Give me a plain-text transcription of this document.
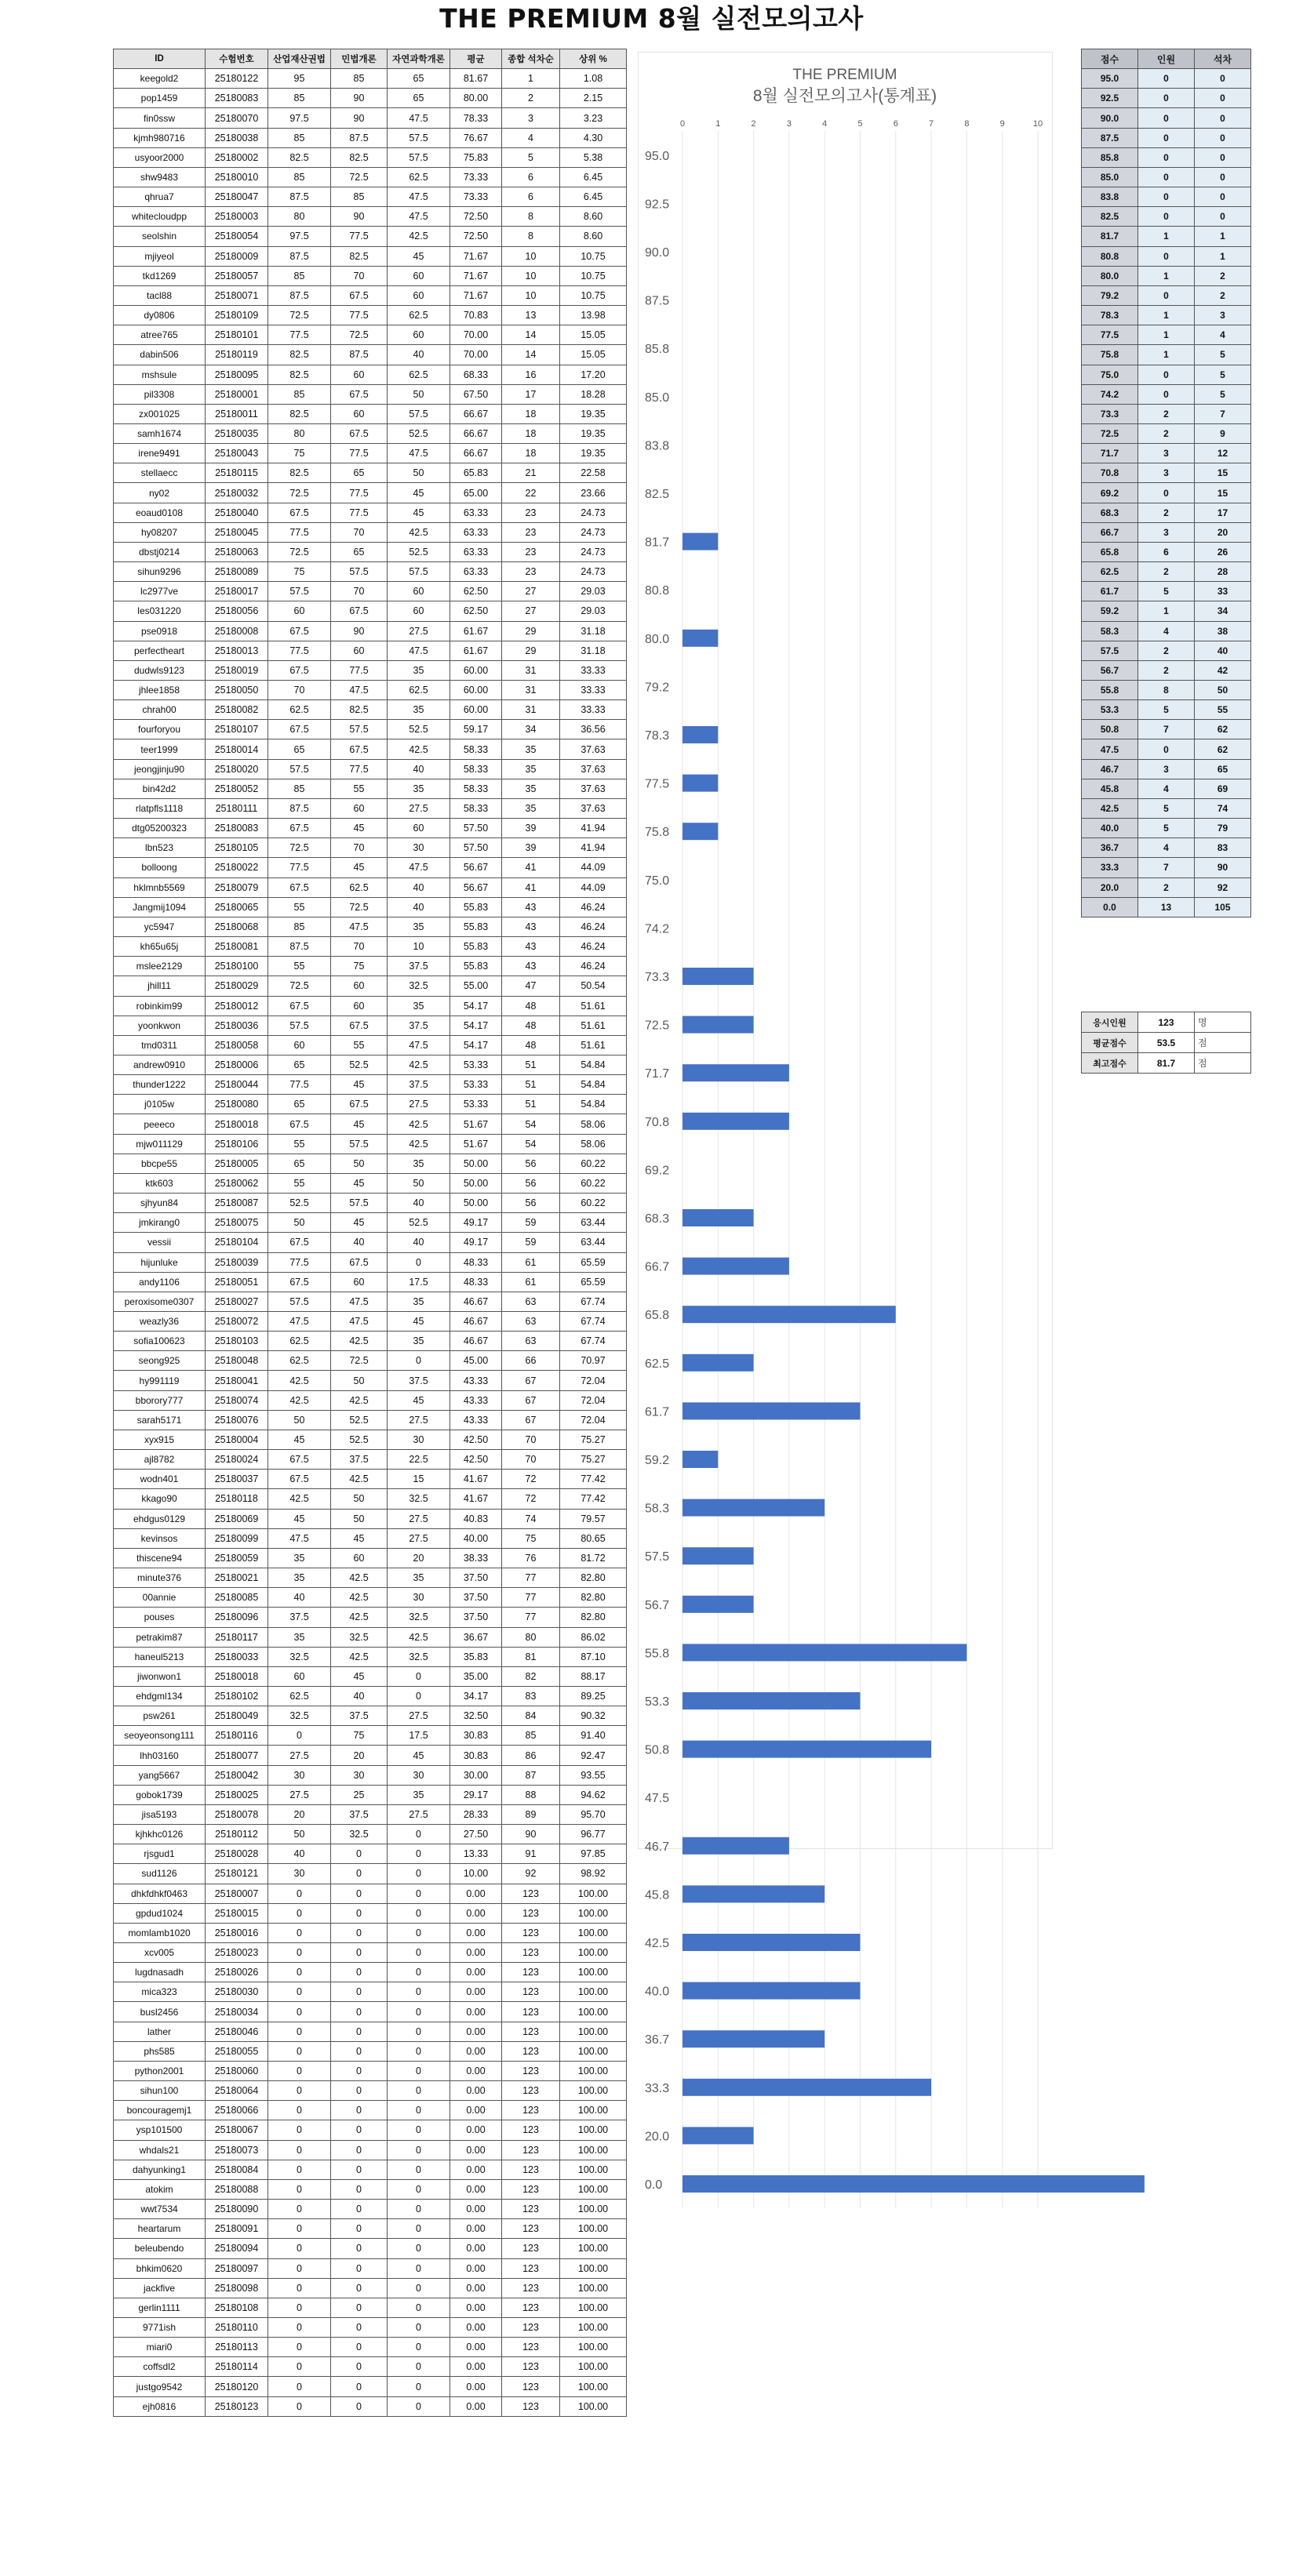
THE PREMIUM 8월 실전모의고사
ID	수험번호	산업재산권법	민법개론	자연과학개론	평균	종합 석차순	상위 %
keegold2	25180122	95	85	65	81.67	1	1.08
pop1459	25180083	85	90	65	80.00	2	2.15
fin0ssw	25180070	97.5	90	47.5	78.33	3	3.23
kjmh980716	25180038	85	87.5	57.5	76.67	4	4.30
usyoor2000	25180002	82.5	82.5	57.5	75.83	5	5.38
shw9483	25180010	85	72.5	62.5	73.33	6	6.45
qhrua7	25180047	87.5	85	47.5	73.33	6	6.45
whitecloudpp	25180003	80	90	47.5	72.50	8	8.60
seolshin	25180054	97.5	77.5	42.5	72.50	8	8.60
mjiyeol	25180009	87.5	82.5	45	71.67	10	10.75
tkd1269	25180057	85	70	60	71.67	10	10.75
tacl88	25180071	87.5	67.5	60	71.67	10	10.75
dy0806	25180109	72.5	77.5	62.5	70.83	13	13.98
atree765	25180101	77.5	72.5	60	70.00	14	15.05
dabin506	25180119	82.5	87.5	40	70.00	14	15.05
mshsule	25180095	82.5	60	62.5	68.33	16	17.20
pil3308	25180001	85	67.5	50	67.50	17	18.28
zx001025	25180011	82.5	60	57.5	66.67	18	19.35
samh1674	25180035	80	67.5	52.5	66.67	18	19.35
irene9491	25180043	75	77.5	47.5	66.67	18	19.35
stellaecc	25180115	82.5	65	50	65.83	21	22.58
ny02	25180032	72.5	77.5	45	65.00	22	23.66
eoaud0108	25180040	67.5	77.5	45	63.33	23	24.73
hy08207	25180045	77.5	70	42.5	63.33	23	24.73
dbstj0214	25180063	72.5	65	52.5	63.33	23	24.73
sihun9296	25180089	75	57.5	57.5	63.33	23	24.73
lc2977ve	25180017	57.5	70	60	62.50	27	29.03
les031220	25180056	60	67.5	60	62.50	27	29.03
pse0918	25180008	67.5	90	27.5	61.67	29	31.18
perfectheart	25180013	77.5	60	47.5	61.67	29	31.18
dudwls9123	25180019	67.5	77.5	35	60.00	31	33.33
jhlee1858	25180050	70	47.5	62.5	60.00	31	33.33
chrah00	25180082	62.5	82.5	35	60.00	31	33.33
fourforyou	25180107	67.5	57.5	52.5	59.17	34	36.56
teer1999	25180014	65	67.5	42.5	58.33	35	37.63
jeongjinju90	25180020	57.5	77.5	40	58.33	35	37.63
bin42d2	25180052	85	55	35	58.33	35	37.63
rlatpfls1118	25180111	87.5	60	27.5	58.33	35	37.63
dtg05200323	25180083	67.5	45	60	57.50	39	41.94
lbn523	25180105	72.5	70	30	57.50	39	41.94
bolloong	25180022	77.5	45	47.5	56.67	41	44.09
hklmnb5569	25180079	67.5	62.5	40	56.67	41	44.09
Jangmij1094	25180065	55	72.5	40	55.83	43	46.24
yc5947	25180068	85	47.5	35	55.83	43	46.24
kh65u65j	25180081	87.5	70	10	55.83	43	46.24
mslee2129	25180100	55	75	37.5	55.83	43	46.24
jhill11	25180029	72.5	60	32.5	55.00	47	50.54
robinkim99	25180012	67.5	60	35	54.17	48	51.61
yoonkwon	25180036	57.5	67.5	37.5	54.17	48	51.61
tmd0311	25180058	60	55	47.5	54.17	48	51.61
andrew0910	25180006	65	52.5	42.5	53.33	51	54.84
thunder1222	25180044	77.5	45	37.5	53.33	51	54.84
j0105w	25180080	65	67.5	27.5	53.33	51	54.84
peeeco	25180018	67.5	45	42.5	51.67	54	58.06
mjw011129	25180106	55	57.5	42.5	51.67	54	58.06
bbcpe55	25180005	65	50	35	50.00	56	60.22
ktk603	25180062	55	45	50	50.00	56	60.22
sjhyun84	25180087	52.5	57.5	40	50.00	56	60.22
jmkirang0	25180075	50	45	52.5	49.17	59	63.44
vessii	25180104	67.5	40	40	49.17	59	63.44
hijunluke	25180039	77.5	67.5	0	48.33	61	65.59
andy1106	25180051	67.5	60	17.5	48.33	61	65.59
peroxisome0307	25180027	57.5	47.5	35	46.67	63	67.74
weazly36	25180072	47.5	47.5	45	46.67	63	67.74
sofia100623	25180103	62.5	42.5	35	46.67	63	67.74
seong925	25180048	62.5	72.5	0	45.00	66	70.97
hy991119	25180041	42.5	50	37.5	43.33	67	72.04
bborory777	25180074	42.5	42.5	45	43.33	67	72.04
sarah5171	25180076	50	52.5	27.5	43.33	67	72.04
xyx915	25180004	45	52.5	30	42.50	70	75.27
ajl8782	25180024	67.5	37.5	22.5	42.50	70	75.27
wodn401	25180037	67.5	42.5	15	41.67	72	77.42
kkago90	25180118	42.5	50	32.5	41.67	72	77.42
ehdgus0129	25180069	45	50	27.5	40.83	74	79.57
kevinsos	25180099	47.5	45	27.5	40.00	75	80.65
thiscene94	25180059	35	60	20	38.33	76	81.72
minute376	25180021	35	42.5	35	37.50	77	82.80
00annie	25180085	40	42.5	30	37.50	77	82.80
pouses	25180096	37.5	42.5	32.5	37.50	77	82.80
petrakim87	25180117	35	32.5	42.5	36.67	80	86.02
haneul5213	25180033	32.5	42.5	32.5	35.83	81	87.10
jiwonwon1	25180018	60	45	0	35.00	82	88.17
ehdgml134	25180102	62.5	40	0	34.17	83	89.25
psw261	25180049	32.5	37.5	27.5	32.50	84	90.32
seoyeonsong111	25180116	0	75	17.5	30.83	85	91.40
lhh03160	25180077	27.5	20	45	30.83	86	92.47
yang5667	25180042	30	30	30	30.00	87	93.55
gobok1739	25180025	27.5	25	35	29.17	88	94.62
jisa5193	25180078	20	37.5	27.5	28.33	89	95.70
kjhkhc0126	25180112	50	32.5	0	27.50	90	96.77
rjsgud1	25180028	40	0	0	13.33	91	97.85
sud1126	25180121	30	0	0	10.00	92	98.92
dhkfdhkf0463	25180007	0	0	0	0.00	123	100.00
gpdud1024	25180015	0	0	0	0.00	123	100.00
momlamb1020	25180016	0	0	0	0.00	123	100.00
xcv005	25180023	0	0	0	0.00	123	100.00
lugdnasadh	25180026	0	0	0	0.00	123	100.00
mica323	25180030	0	0	0	0.00	123	100.00
busl2456	25180034	0	0	0	0.00	123	100.00
lather	25180046	0	0	0	0.00	123	100.00
phs585	25180055	0	0	0	0.00	123	100.00
python2001	25180060	0	0	0	0.00	123	100.00
sihun100	25180064	0	0	0	0.00	123	100.00
boncouragemj1	25180066	0	0	0	0.00	123	100.00
ysp101500	25180067	0	0	0	0.00	123	100.00
whdals21	25180073	0	0	0	0.00	123	100.00
dahyunking1	25180084	0	0	0	0.00	123	100.00
atokim	25180088	0	0	0	0.00	123	100.00
wwt7534	25180090	0	0	0	0.00	123	100.00
heartarum	25180091	0	0	0	0.00	123	100.00
beleubendo	25180094	0	0	0	0.00	123	100.00
bhkim0620	25180097	0	0	0	0.00	123	100.00
jackfive	25180098	0	0	0	0.00	123	100.00
gerlin1111	25180108	0	0	0	0.00	123	100.00
9771ish	25180110	0	0	0	0.00	123	100.00
miari0	25180113	0	0	0	0.00	123	100.00
coffsdl2	25180114	0	0	0	0.00	123	100.00
justgo9542	25180120	0	0	0	0.00	123	100.00
ejh0816	25180123	0	0	0	0.00	123	100.00
THE PREMIUM
8월 실전모의고사(통계표)
0	1	2	3	4	5	6	7	8	9	10
95.0
92.5
90.0
87.5
85.8
85.0
83.8
82.5
81.7
80.8
80.0
79.2
78.3
77.5
75.8
75.0
74.2
73.3
72.5
71.7
70.8
69.2
68.3
66.7
65.8
62.5
61.7
59.2
58.3
57.5
56.7
55.8
53.3
50.8
47.5
46.7
45.8
42.5
40.0
36.7
33.3
20.0
0.0
점수	인원	석차
95.0	0	0
92.5	0	0
90.0	0	0
87.5	0	0
85.8	0	0
85.0	0	0
83.8	0	0
82.5	0	0
81.7	1	1
80.8	0	1
80.0	1	2
79.2	0	2
78.3	1	3
77.5	1	4
75.8	1	5
75.0	0	5
74.2	0	5
73.3	2	7
72.5	2	9
71.7	3	12
70.8	3	15
69.2	0	15
68.3	2	17
66.7	3	20
65.8	6	26
62.5	2	28
61.7	5	33
59.2	1	34
58.3	4	38
57.5	2	40
56.7	2	42
55.8	8	50
53.3	5	55
50.8	7	62
47.5	0	62
46.7	3	65
45.8	4	69
42.5	5	74
40.0	5	79
36.7	4	83
33.3	7	90
20.0	2	92
0.0	13	105
응시인원	123	명
평균점수	53.5	점
최고점수	81.7	점
